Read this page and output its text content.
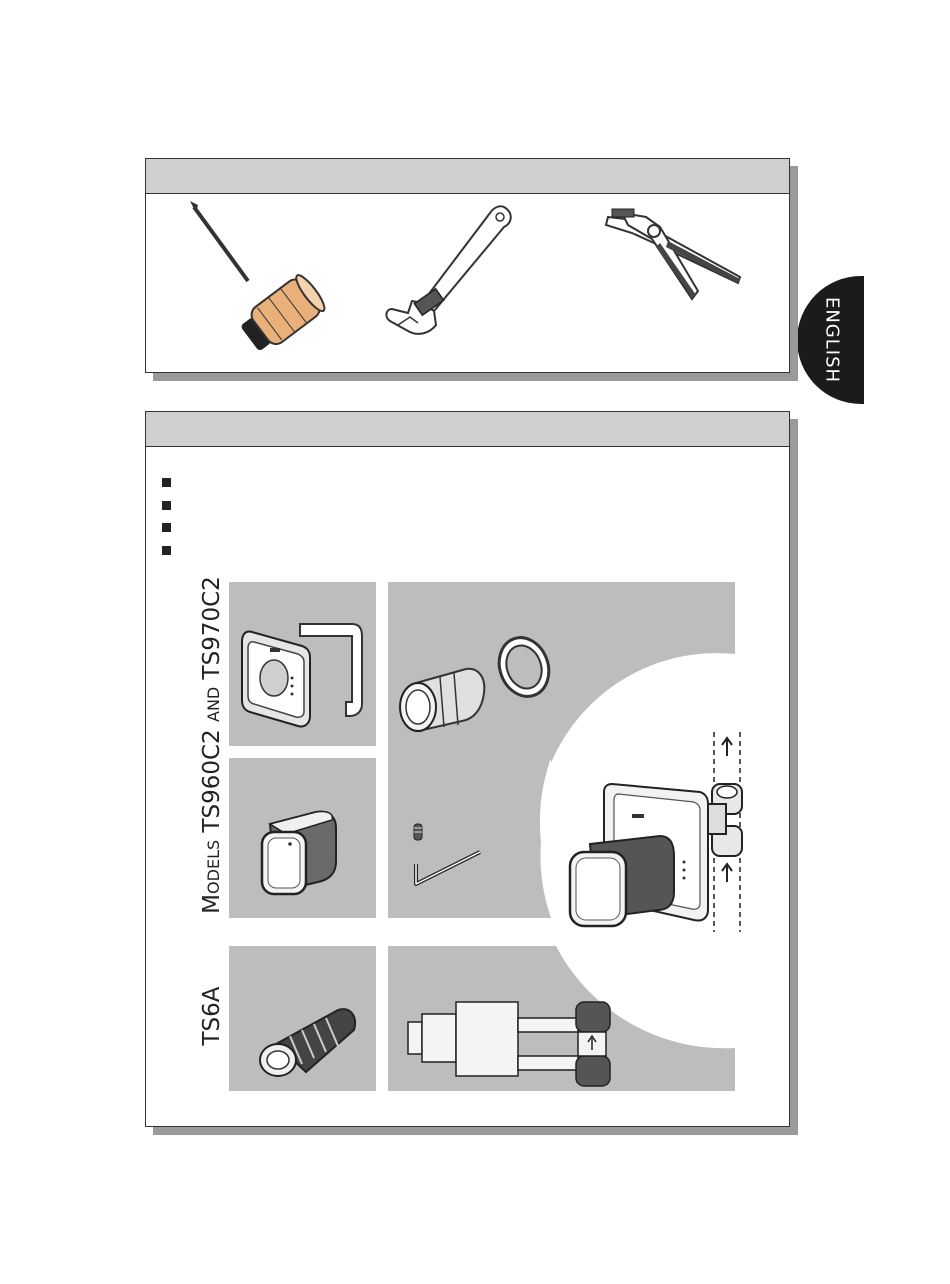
ENGLISH
MODELS TS960C2 AND TS970C2
TS6A
